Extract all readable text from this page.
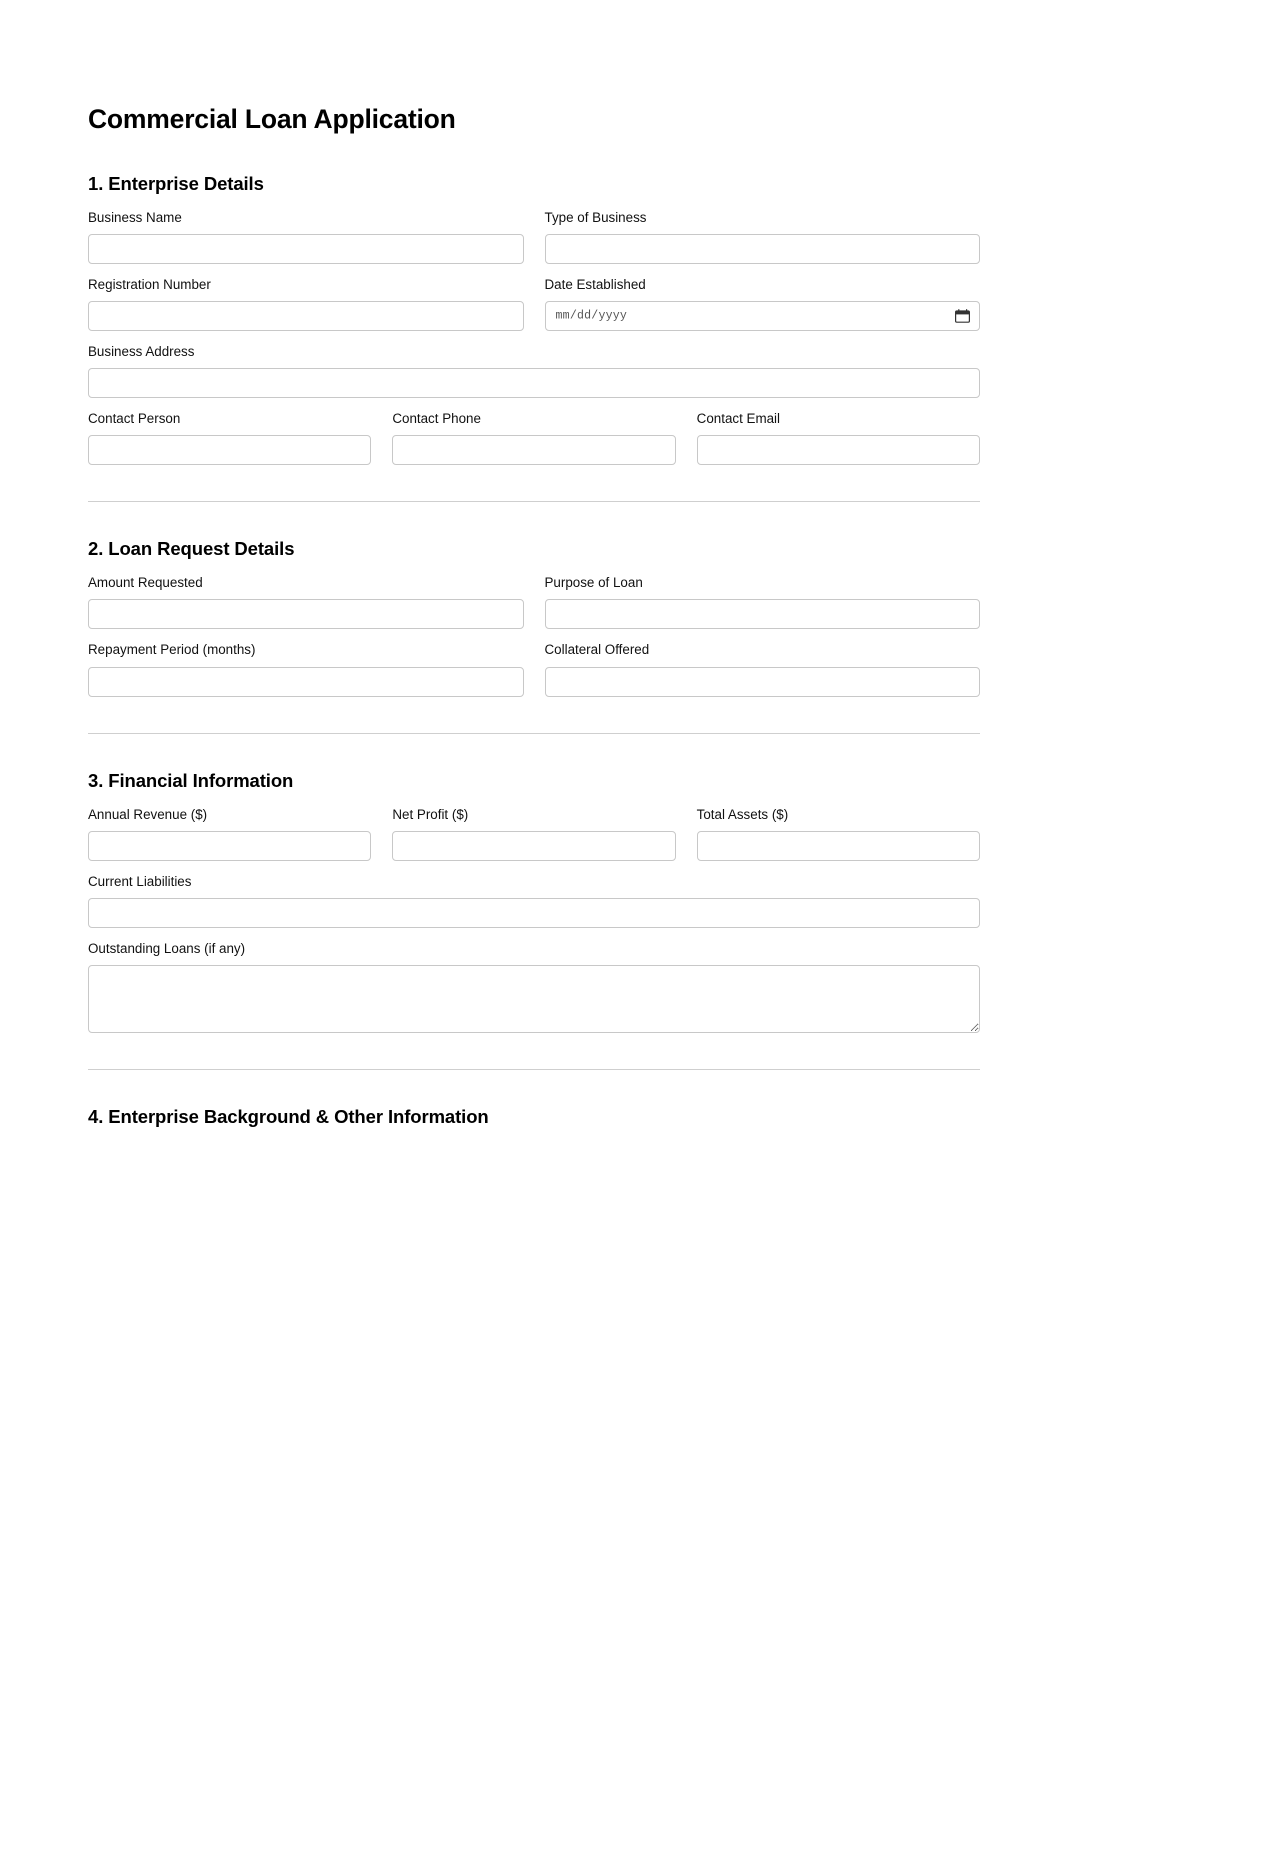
Commercial Loan Application
1. Enterprise Details
Business Name	Type of Business
Registration Number	Date Established
mm/dd/yyyy
Business Address
Contact Person	Contact Phone	Contact Email
2. Loan Request Details
Amount Requested	Purpose of Loan
Repayment Period (months)	Collateral Offered
3. Financial Information
Annual Revenue ($)	Net Profit ($)	Total Assets ($)
Current Liabilities
Outstanding Loans (if any)
4. Enterprise Background & Other Information
